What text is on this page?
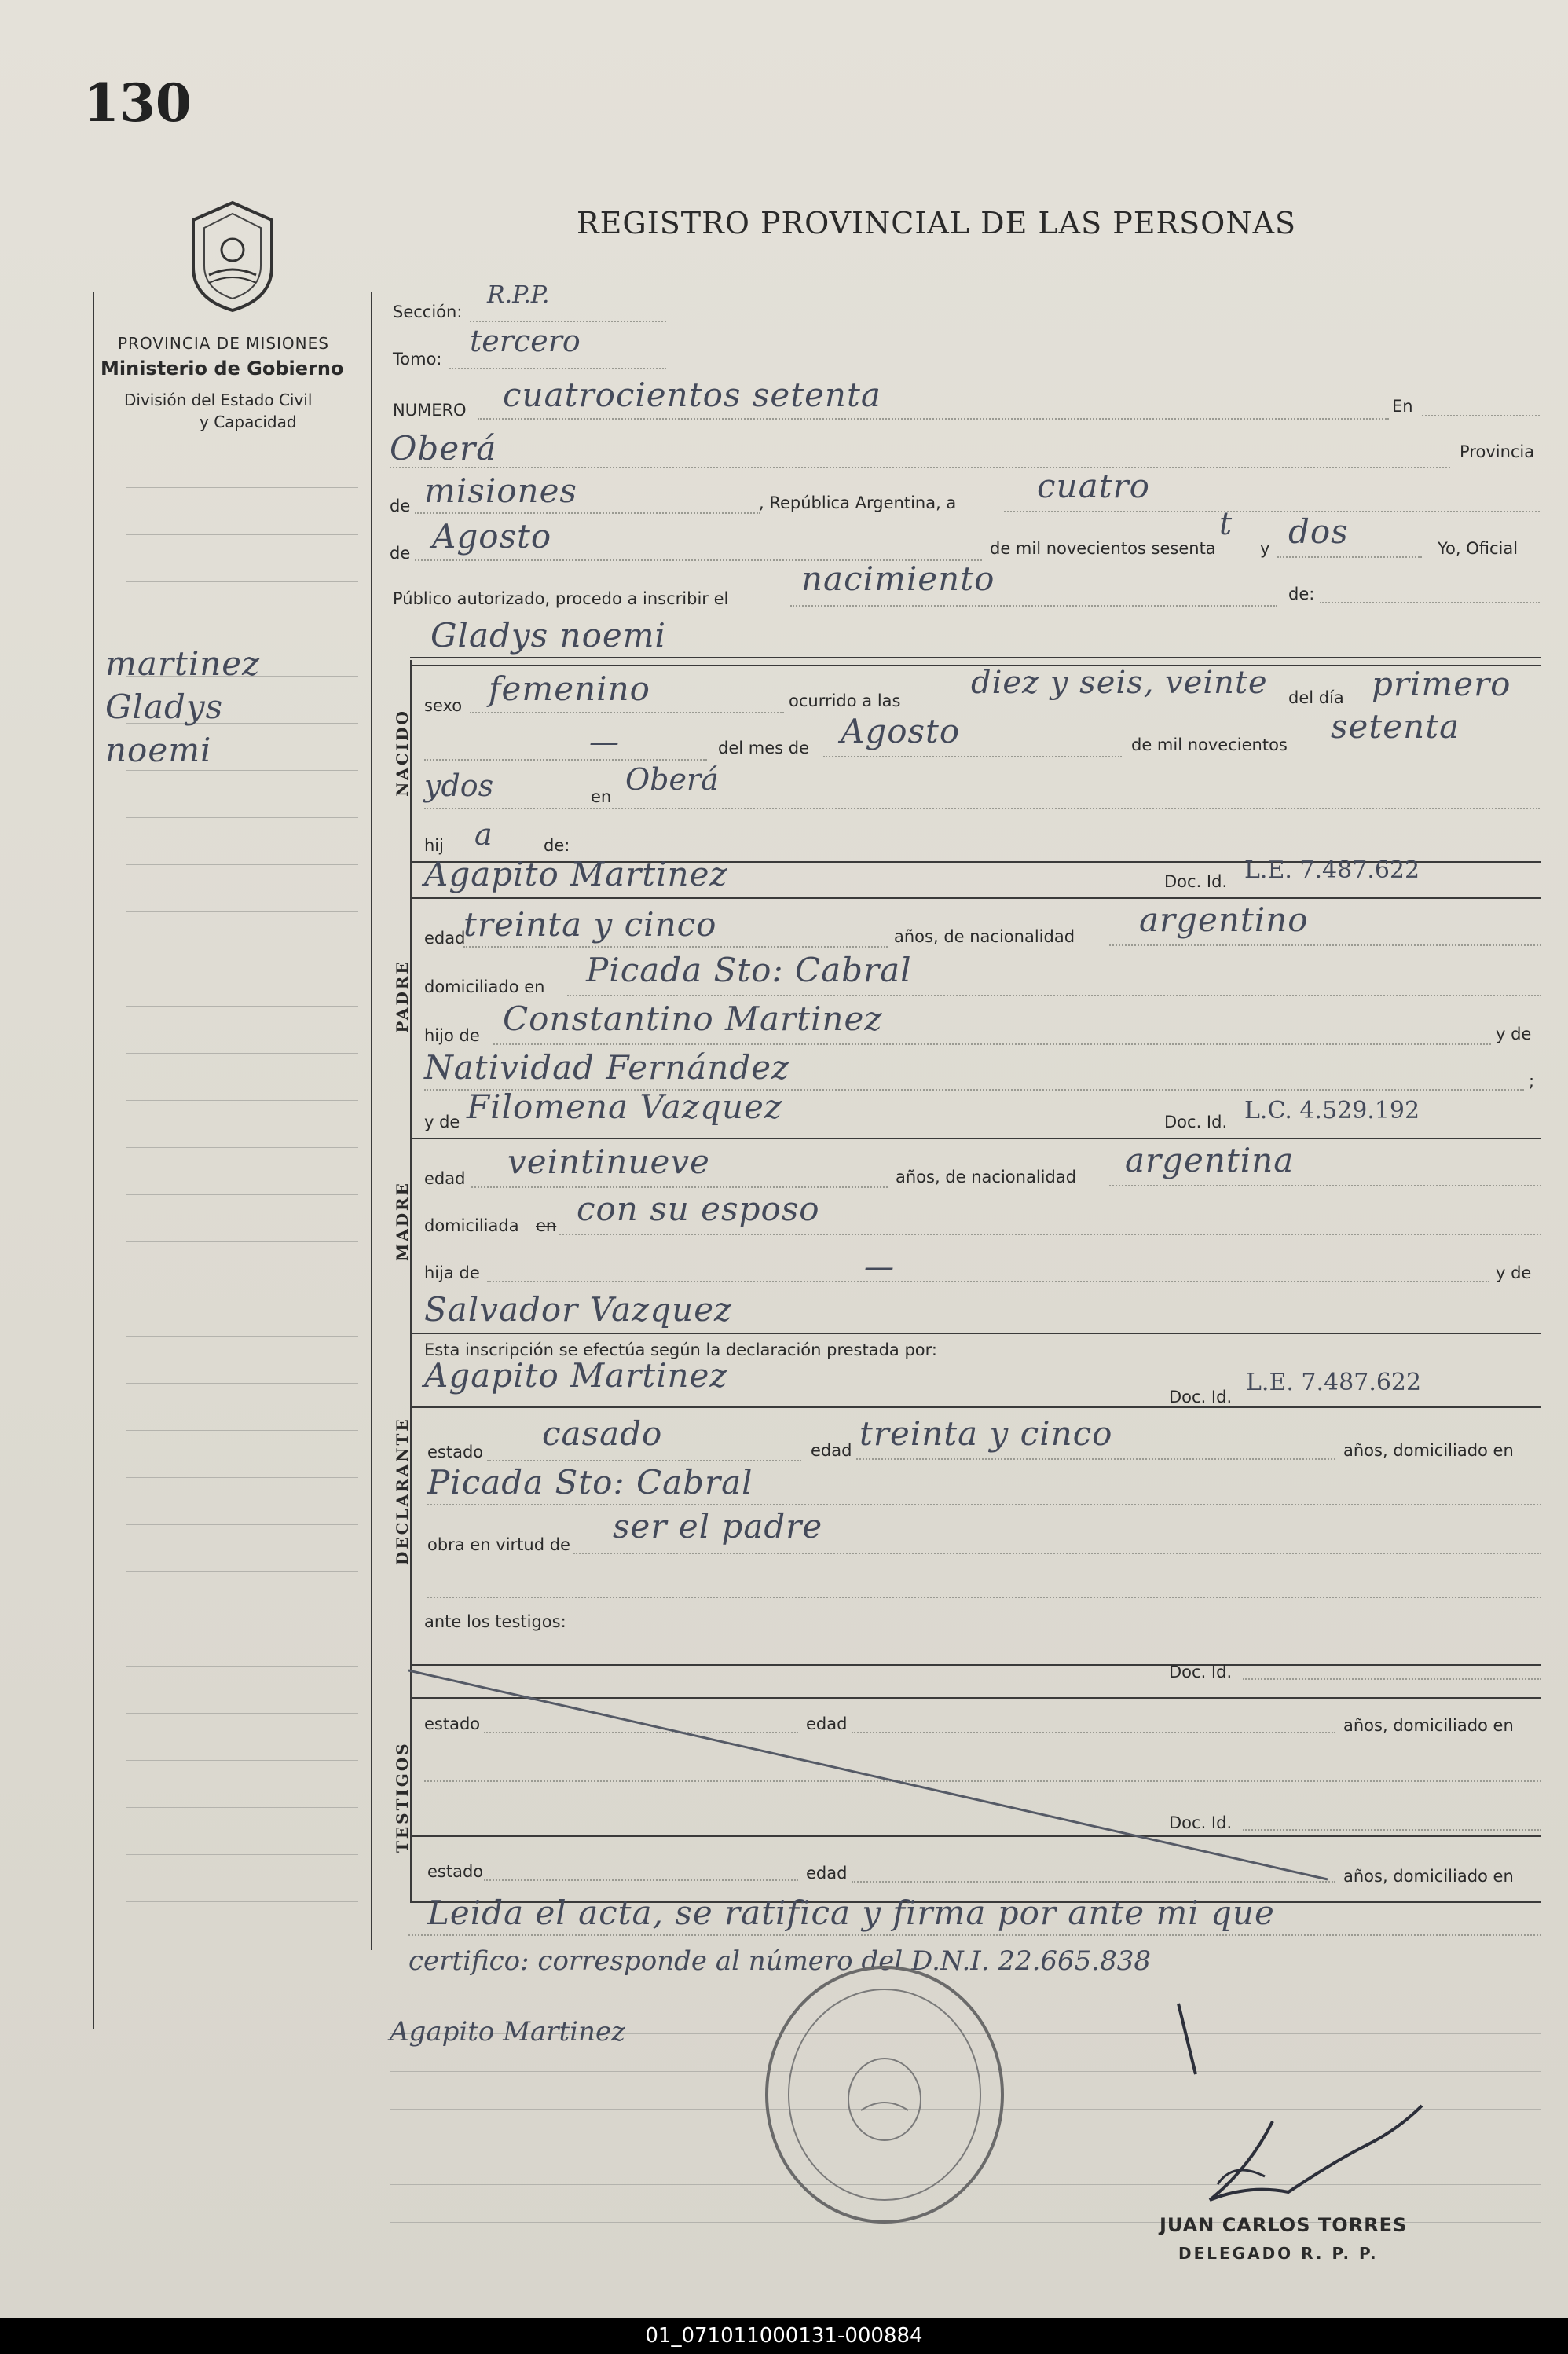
130
REGISTRO PROVINCIAL DE LAS PERSONAS
PROVINCIA DE MISIONES
Ministerio de Gobierno
División del Estado Civil
y Capacidad
martinez
Gladys
noemi
Sección:
R.P.P.
Tomo:
tercero
NUMERO cuatrocientos setenta	En
Oberá	Provincia
de misiones	, República Argentina, a cuatro
de Agosto	de mil novecientos sesenta
t
y dos	Yo, Oficial
Público autorizado, procedo a inscribir el
nacimiento	de:
Gladys noemi
NACIDO
sexo femenino	ocurrido a las diez y seis, veinte del día primero
—	del mes de Agosto	de mil novecientos setenta
ydos	en Oberá
hij a	de:
Agapito Martinez	Doc. Id. L.E. 7.487.622
PADRE
edad
treinta y cinco	años, de nacionalidad argentino
domiciliado en Picada Sto: Cabral
hijo de Constantino Martinez	y de
Natividad Fernández	;
y de Filomena Vazquez	Doc. Id. L.C. 4.529.192
MADRE
edad veintinueve	años, de nacionalidad argentina
domiciliada en con su esposo
hija de	—	y de
Salvador Vazquez
Esta inscripción se efectúa según la declaración prestada por:
Agapito Martinez
Doc. Id.
L.E. 7.487.622
DECLARANTE estado casado	edad treinta y cinco	años, domiciliado en
Picada Sto: Cabral
obra en virtud de ser el padre
ante los testigos:
TESTIGOS
Doc. Id.
estado	edad	años, domiciliado en
Doc. Id.
estado	edad	años, domiciliado en
Leida el acta, se ratifica y firma por ante mi que
certifico: corresponde al número del D.N.I. 22.665.838
Agapito Martinez
JUAN CARLOS TORRES
DELEGADO R. P. P.
01_071011000131-000884
